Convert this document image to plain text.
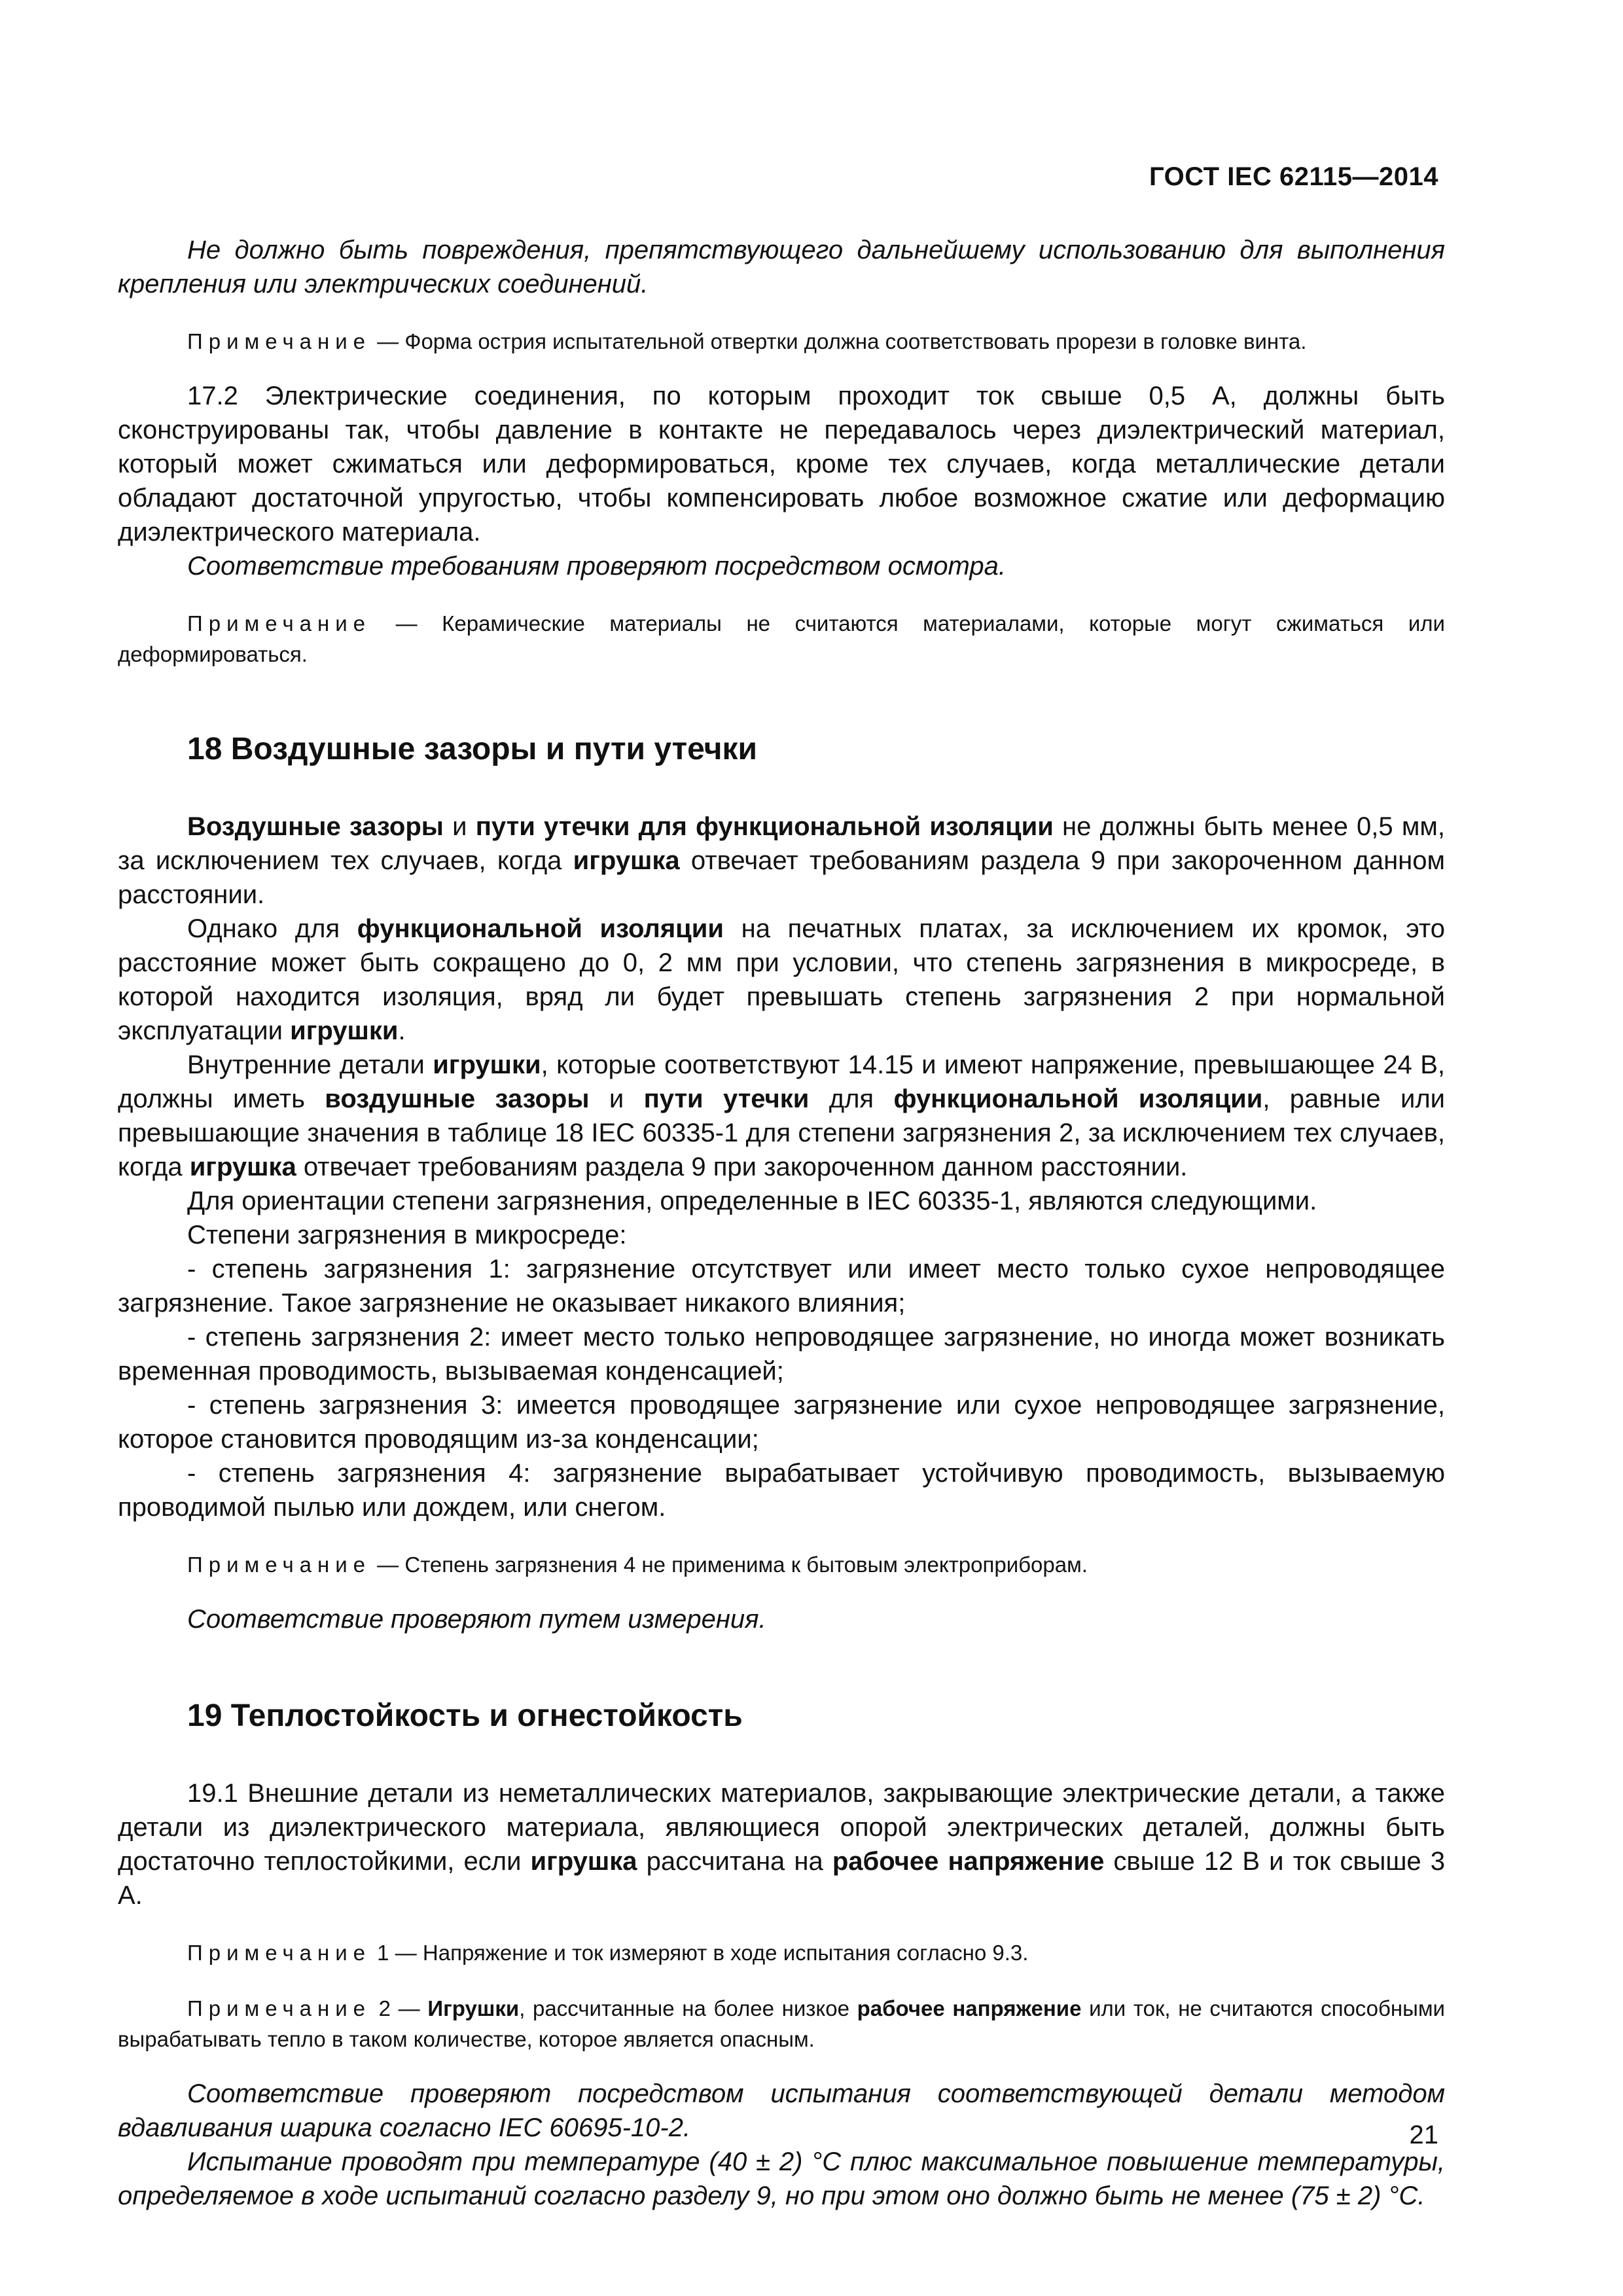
ГОСТ IEC 62115—2014

Не должно быть повреждения, препятствующего дальнейшему использованию для выполнения крепления или электрических соединений.

Примечание — Форма острия испытательной отвертки должна соответствовать прорези в головке винта.

17.2 Электрические соединения, по которым проходит ток свыше 0,5 А, должны быть сконструированы так, чтобы давление в контакте не передавалось через диэлектрический материал, который может сжиматься или деформироваться, кроме тех случаев, когда металлические детали обладают достаточной упругостью, чтобы компенсировать любое возможное сжатие или деформацию диэлектрического материала.

Соответствие требованиям проверяют посредством осмотра.

Примечание — Керамические материалы не считаются материалами, которые могут сжиматься или деформироваться.

18 Воздушные зазоры и пути утечки

Воздушные зазоры и пути утечки для функциональной изоляции не должны быть менее 0,5 мм, за исключением тех случаев, когда игрушка отвечает требованиям раздела 9 при закороченном данном расстоянии.

Однако для функциональной изоляции на печатных платах, за исключением их кромок, это расстояние может быть сокращено до 0, 2 мм при условии, что степень загрязнения в микросреде, в которой находится изоляция, вряд ли будет превышать степень загрязнения 2 при нормальной эксплуатации игрушки.

Внутренние детали игрушки, которые соответствуют 14.15 и имеют напряжение, превышающее 24 В, должны иметь воздушные зазоры и пути утечки для функциональной изоляции, равные или превышающие значения в таблице 18 IEC 60335-1 для степени загрязнения 2, за исключением тех случаев, когда игрушка отвечает требованиям раздела 9 при закороченном данном расстоянии.

Для ориентации степени загрязнения, определенные в IEC 60335-1, являются следующими.

Степени загрязнения в микросреде:

- степень загрязнения 1: загрязнение отсутствует или имеет место только сухое непроводящее загрязнение. Такое загрязнение не оказывает никакого влияния;

- степень загрязнения 2: имеет место только непроводящее загрязнение, но иногда может возникать временная проводимость, вызываемая конденсацией;

- степень загрязнения 3: имеется проводящее загрязнение или сухое непроводящее загрязнение, которое становится проводящим из-за конденсации;

- степень загрязнения 4: загрязнение вырабатывает устойчивую проводимость, вызываемую проводимой пылью или дождем, или снегом.

Примечание — Степень загрязнения 4 не применима к бытовым электроприборам.

Соответствие проверяют путем измерения.

19 Теплостойкость и огнестойкость

19.1 Внешние детали из неметаллических материалов, закрывающие электрические детали, а также детали из диэлектрического материала, являющиеся опорой электрических деталей, должны быть достаточно теплостойкими, если игрушка рассчитана на рабочее напряжение свыше 12 В и ток свыше 3 А.

Примечание 1 — Напряжение и ток измеряют в ходе испытания согласно 9.3.

Примечание 2 — Игрушки, рассчитанные на более низкое рабочее напряжение или ток, не считаются способными вырабатывать тепло в таком количестве, которое является опасным.

Соответствие проверяют посредством испытания соответствующей детали методом вдавливания шарика согласно IEC 60695-10-2.

Испытание проводят при температуре (40 ± 2) °С плюс максимальное повышение температуры, определяемое в ходе испытаний согласно разделу 9, но при этом оно должно быть не менее (75 ± 2) °С.

21
